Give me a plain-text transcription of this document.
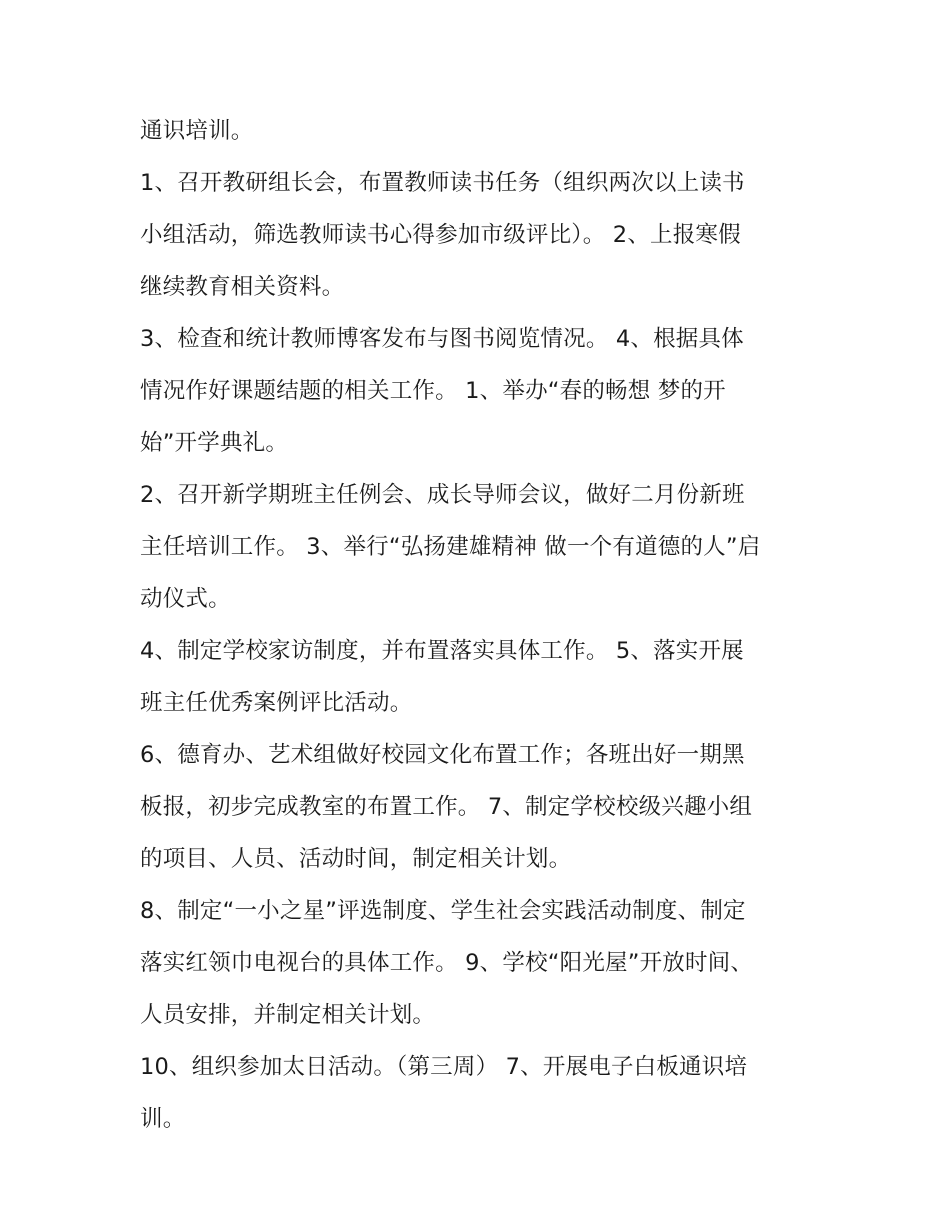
通识培训。

1、召开教研组长会，布置教师读书任务（组织两次以上读书

小组活动，筛选教师读书心得参加市级评比）。 2、上报寒假

继续教育相关资料。

3、检查和统计教师博客发布与图书阅览情况。 4、根据具体

情况作好课题结题的相关工作。 1、举办“春的畅想 梦的开

始”开学典礼。

2、召开新学期班主任例会、成长导师会议，做好二月份新班

主任培训工作。 3、举行“弘扬建雄精神 做一个有道德的人”启

动仪式。

4、制定学校家访制度，并布置落实具体工作。 5、落实开展

班主任优秀案例评比活动。

6、德育办、艺术组做好校园文化布置工作；各班出好一期黑

板报，初步完成教室的布置工作。 7、制定学校校级兴趣小组

的项目、人员、活动时间，制定相关计划。

8、制定“一小之星”评选制度、学生社会实践活动制度、制定

落实红领巾电视台的具体工作。 9、学校“阳光屋”开放时间、

人员安排，并制定相关计划。

10、组织参加太日活动。（第三周） 7、开展电子白板通识培

训。
